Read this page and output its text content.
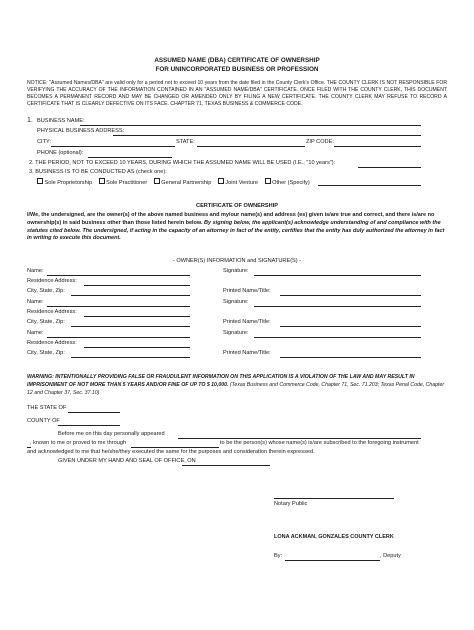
ASSUMED NAME (DBA) CERTIFICATE OF OWNERSHIP
FOR UNINCORPORATED BUSINESS OR PROFESSION
NOTICE: "Assumed Names/DBA" are valid only for a period not to exceed 10 years from the date filed in the County Clerk's Office. THE COUNTY CLERK IS NOT RESPONSIBLE FOR VERIFYING THE ACCURACY OF THE INFORMATION CONTAINED IN AN "ASSUMED NAME/DBA" CERTIFICATE. ONCE FILED WITH THE COUNTY CLERK, THIS DOCUMENT BECOMES A PERMANENT RECORD AND MAY BE CHANGED OR AMENDED ONLY BY FILING A NEW CERTIFICATE. THE COUNTY CLERK MAY REFUSE TO RECORD A CERTIFICATE THAT IS CLEARLY DEFECTIVE ON ITS FACE. CHAPTER 71, TEXAS BUSINESS & COMMERCE CODE.
1. BUSINESS NAME:
PHYSICAL BUSINESS ADDRESS:
CITY:	STATE:	ZIP CODE:
PHONE (optional):
2. THE PERIOD, NOT TO EXCEED 10 YEARS, DURING WHICH THE ASSUMED NAME WILL BE USED (I.E., "10 years"):
3. BUSINESS IS TO BE CONDUCTED AS (check one):
Sole Proprietorship	Sole Practitioner	General Partnership	Joint Venture	Other (Specify)
CERTIFICATE OF OWNERSHIP
I/We, the undersigned, are the owner(s) of the above named business and my/our name(s) and address (es) given is/are true and correct, and there is/are no ownership(s) in said business other than those listed herein below. By signing below, the applicant(s) acknowledge understanding of and compliance with the statutes cited below. The undersigned, if acting in the capacity of an attorney in fact of the entity, certifies that the entity has duly authorized the attorney in fact in writing to execute this document.
- OWNER(S) INFORMATION and SIGNATURE(S) -
Name:	Signature:
Residence Address:
City, State, Zip:	Printed Name/Title:
Name:	Signature:
Residence Address:
City, State, Zip:	Printed Name/Title:
Name:	Signature:
Residence Address:
City, State, Zip:	Printed Name/Title:
WARNING: INTENTIONALLY PROVIDING FALSE OR FRAUDULENT INFORMATION ON THIS APPLICATION IS A VIOLATION OF THE LAW AND MAY RESULT IN IMPRISONMENT OF NOT MORE THAN 5 YEARS AND/OR FINE OF UP TO $ 10,000. (Texas Business and Commerce Code, Chapter 71, Sec. 71.203; Texas Penal Code, Chapter 12 and Chapter 37, Sec. 37.10)
THE STATE OF
COUNTY OF
Before me on this day personally appeared
, known to me or proved to me through	to be the person(s) whose name(s) is/are subscribed to the foregoing instrument
and acknowledged to me that he/she/they executed the same for the purposes and consideration therein expressed.
GIVEN UNDER MY HAND AND SEAL OF OFFICE, ON
Notary Public
LONA ACKMAN, GONZALES COUNTY CLERK
By:	, Deputy
